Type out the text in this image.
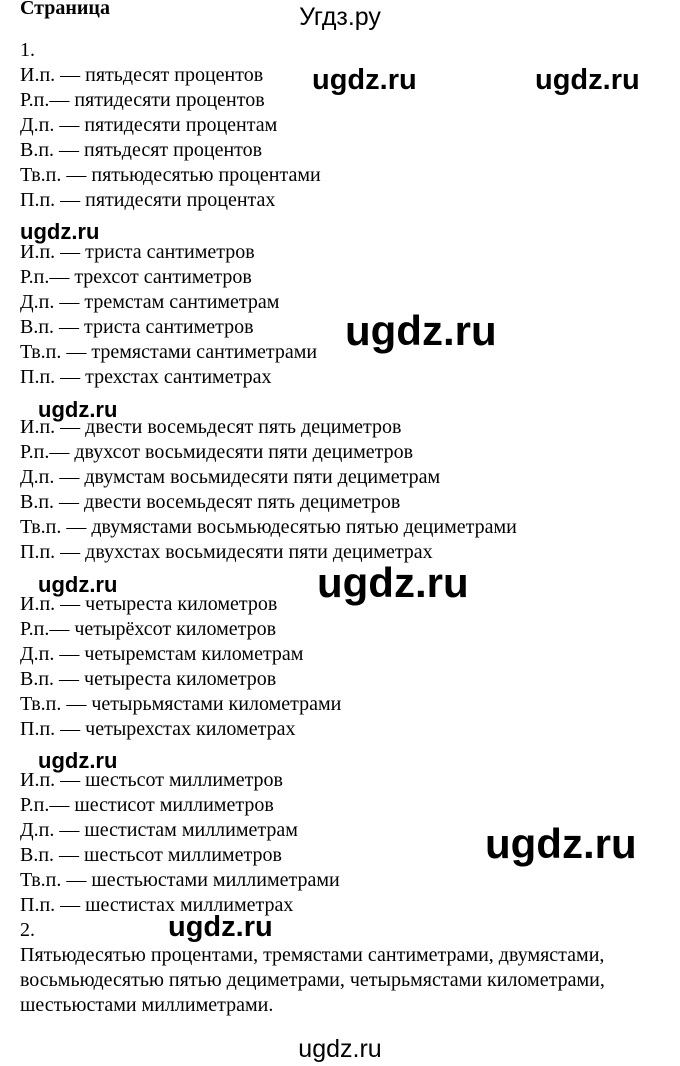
Угдз.ру
Страница
1.
И.п. — пятьдесят процентов
Р.п.— пятидесяти процентов
Д.п. — пятидесяти процентам
В.п. — пятьдесят процентов
Тв.п. — пятьюдесятью процентами
П.п. — пятидесяти процентах
И.п. — триста сантиметров
Р.п.— трехсот сантиметров
Д.п. — тремстам сантиметрам
В.п. — триста сантиметров
Тв.п. — тремястами сантиметрами
П.п. — трехстах сантиметрах
И.п. — двести восемьдесят пять дециметров
Р.п.— двухсот восьмидесяти пяти дециметров
Д.п. — двумстам восьмидесяти пяти дециметрам
В.п. — двести восемьдесят пять дециметров
Тв.п. — двумястами восьмьюдесятью пятью дециметрами
П.п. — двухстах восьмидесяти пяти дециметрах
И.п. — четыреста километров
Р.п.— четырёхсот километров
Д.п. — четыремстам километрам
В.п. — четыреста километров
Тв.п. — четырьмястами километрами
П.п. — четырехстах километрах
И.п. — шестьсот миллиметров
Р.п.— шестисот миллиметров
Д.п. — шестистам миллиметрам
В.п. — шестьсот миллиметров
Тв.п. — шестьюстами миллиметрами
П.п. — шестистах миллиметрах
2.
Пятьюдесятью процентами, тремястами сантиметрами, двумястами, восьмьюдесятью пятью дециметрами, четырьмястами километрами, шестьюстами миллиметрами.
ugdz.ru	ugdz.ru
ugdz.ru
ugdz.ru
ugdz.ru
ugdz.ru	ugdz.ru
ugdz.ru
ugdz.ru
ugdz.ru
ugdz.ru
